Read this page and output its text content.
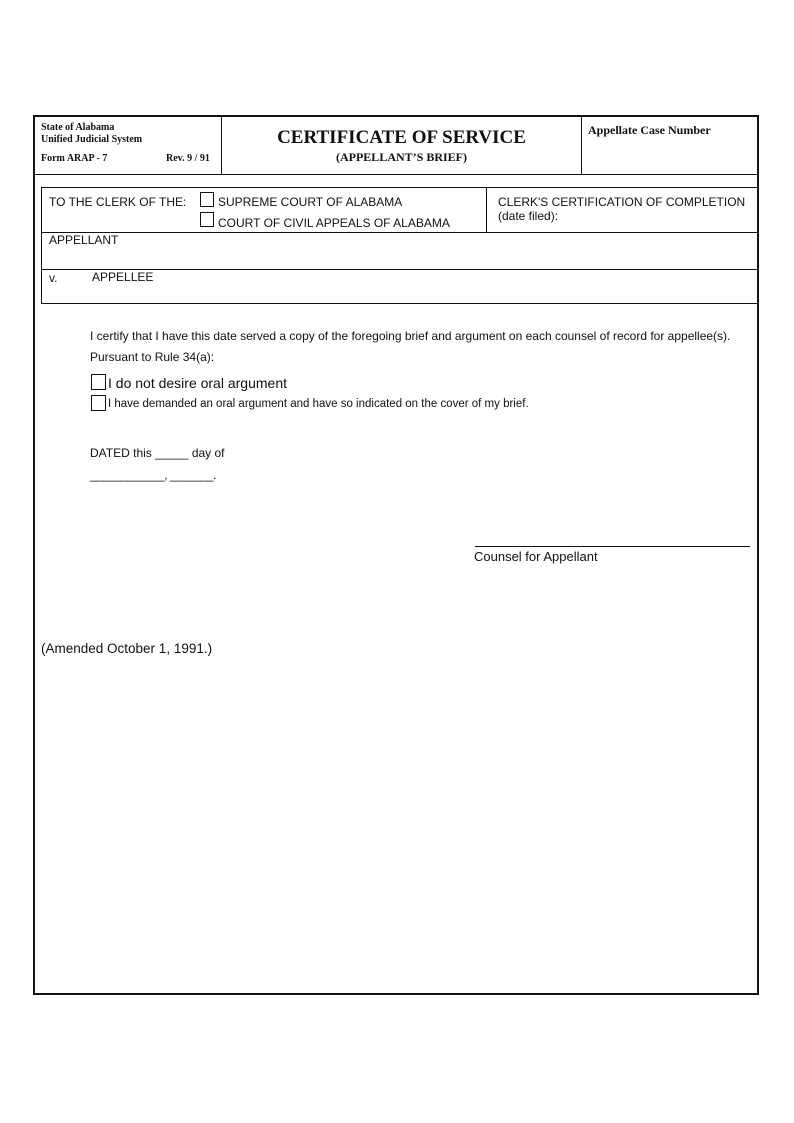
State of Alabama
Unified Judicial System
Form ARAP - 7	Rev. 9 / 91
CERTIFICATE OF SERVICE
(APPELLANT’S BRIEF)
Appellate Case Number
TO THE CLERK OF THE:	SUPREME COURT OF ALABAMA
COURT OF CIVIL APPEALS OF ALABAMA
CLERK'S CERTIFICATION OF COMPLETION
(date filed):
APPELLANT
v.	APPELLEE
I certify that I have this date served a copy of the foregoing brief and argument on each counsel of record for appellee(s).
Pursuant to Rule 34(a):
I do not desire oral argument
I have demanded an oral argument and have so indicated on the cover of my brief.
DATED this _____ day of
____________, _______.
Counsel for Appellant
(Amended October 1, 1991.)
